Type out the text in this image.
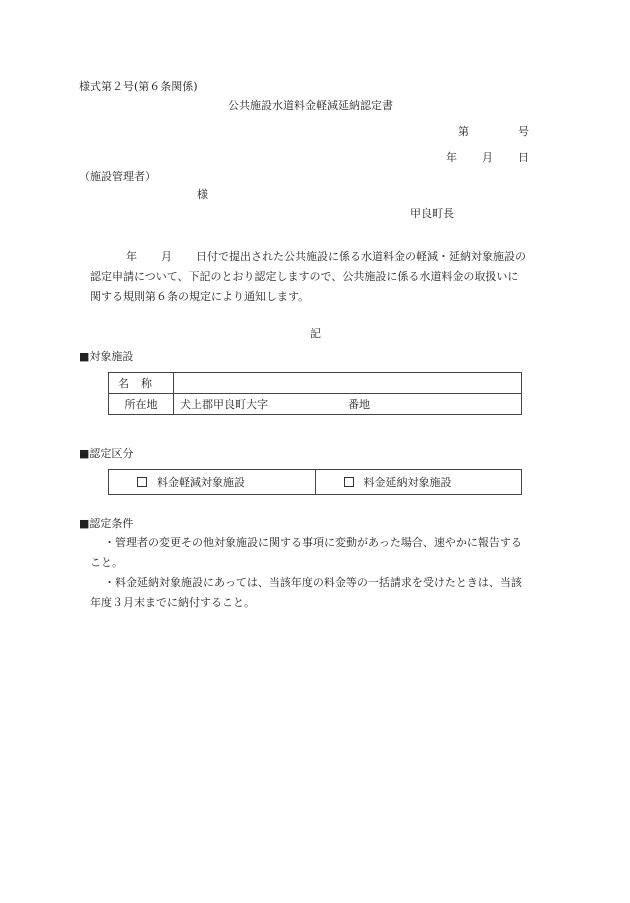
様式第２号(第６条関係)
公共施設水道料金軽減延納認定書
第	号
年 月 日
（施設管理者）
様
甲良町長
年 月 日付で提出された公共施設に係る水道料金の軽減・延納対象施設の
認定申請について、下記のとおり認定しますので、公共施設に係る水道料金の取扱いに
関する規則第６条の規定により通知します。
記
■対象施設
名称	
所在地	犬上郡甲良町大字 番地
■認定区分
料金軽減対象施設	料金延納対象施設
■認定条件
・管理者の変更その他対象施設に関する事項に変動があった場合、速やかに報告する
こと。
・料金延納対象施設にあっては、当該年度の料金等の一括請求を受けたときは、当該
年度３月末までに納付すること。
